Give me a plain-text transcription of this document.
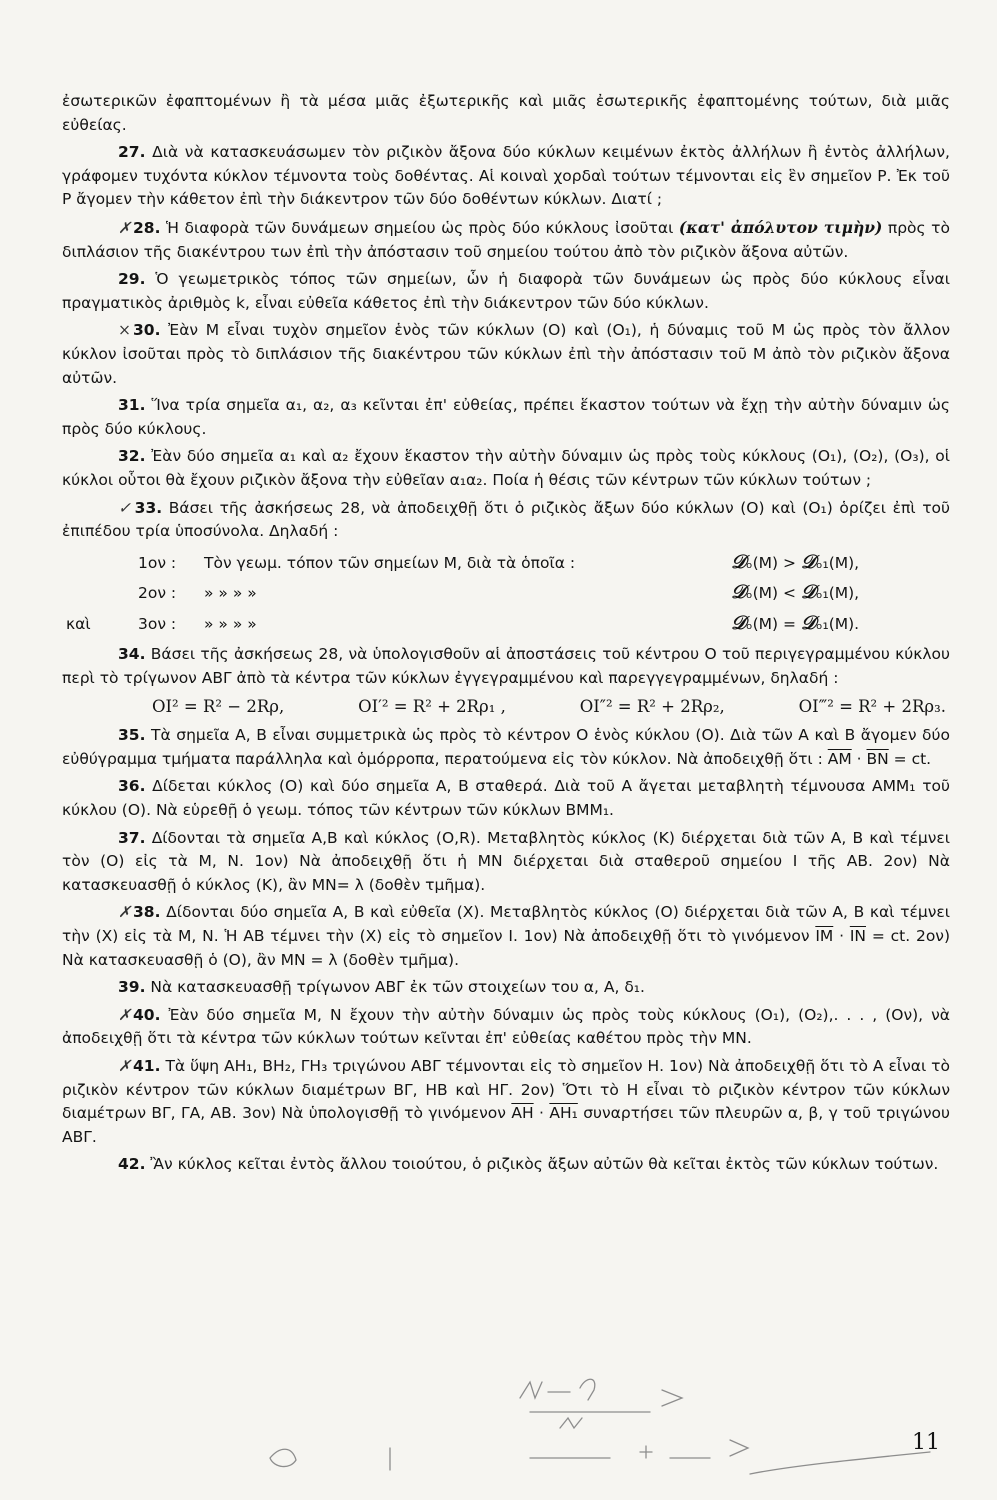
ἐσωτερικῶν ἐφαπτομένων ἢ τὰ μέσα μιᾶς ἐξωτερικῆς καὶ μιᾶς ἐσωτερικῆς ἐφαπτομένης τούτων, διὰ μιᾶς εὐθείας.

27. Διὰ νὰ κατασκευάσωμεν τὸν ριζικὸν ἄξονα δύο κύκλων κειμένων ἐκτὸς ἀλλήλων ἢ ἐντὸς ἀλλήλων, γράφομεν τυχόντα κύκλον τέμνοντα τοὺς δοθέντας. Αἱ κοιναὶ χορδαὶ τούτων τέμνονται εἰς ἓν σημεῖον Ρ. Ἐκ τοῦ Ρ ἄγομεν τὴν κάθετον ἐπὶ τὴν διάκεντρον τῶν δύο δοθέντων κύκλων. Διατί ;

✗ 28. Ἡ διαφορὰ τῶν δυνάμεων σημείου ὡς πρὸς δύο κύκλους ἰσοῦται (κατ' ἀπόλυτον τιμὴν) πρὸς τὸ διπλάσιον τῆς διακέντρου των ἐπὶ τὴν ἀπόστασιν τοῦ σημείου τούτου ἀπὸ τὸν ριζικὸν ἄξονα αὐτῶν.

29. Ὁ γεωμετρικὸς τόπος τῶν σημείων, ὧν ἡ διαφορὰ τῶν δυνάμεων ὡς πρὸς δύο κύκλους εἶναι πραγματικὸς ἀριθμὸς k, εἶναι εὐθεῖα κάθετος ἐπὶ τὴν διάκεντρον τῶν δύο κύκλων.

× 30. Ἐὰν Μ εἶναι τυχὸν σημεῖον ἑνὸς τῶν κύκλων (Ο) καὶ (Ο₁), ἡ δύναμις τοῦ Μ ὡς πρὸς τὸν ἄλλον κύκλον ἰσοῦται πρὸς τὸ διπλάσιον τῆς διακέντρου τῶν κύκλων ἐπὶ τὴν ἀπόστασιν τοῦ Μ ἀπὸ τὸν ριζικὸν ἄξονα αὐτῶν.

31. Ἵνα τρία σημεῖα α₁, α₂, α₃ κεῖνται ἐπ' εὐθείας, πρέπει ἕκαστον τούτων νὰ ἔχῃ τὴν αὐτὴν δύναμιν ὡς πρὸς δύο κύκλους.

32. Ἐὰν δύο σημεῖα α₁ καὶ α₂ ἔχουν ἕκαστον τὴν αὐτὴν δύναμιν ὡς πρὸς τοὺς κύκλους (Ο₁), (Ο₂), (Ο₃), οἱ κύκλοι οὗτοι θὰ ἔχουν ριζικὸν ἄξονα τὴν εὐθεῖαν α₁α₂. Ποία ἡ θέσις τῶν κέντρων τῶν κύκλων τούτων ;

✓ 33. Βάσει τῆς ἀσκήσεως 28, νὰ ἀποδειχθῇ ὅτι ὁ ριζικὸς ἄξων δύο κύκλων (Ο) καὶ (Ο₁) ὁρίζει ἐπὶ τοῦ ἐπιπέδου τρία ὑποσύνολα. Δηλαδή :

	1ον :	Τὸν γεωμ. τόπον τῶν σημείων Μ, διὰ τὰ ὁποῖα :	𝒟ₒ(Μ) > 𝒟ₒ₁(Μ),
	2ον :	» » » »	𝒟ₒ(Μ) < 𝒟ₒ₁(Μ),
καὶ	3ον :	» » » »	𝒟ₒ(Μ) = 𝒟ₒ₁(Μ).

34. Βάσει τῆς ἀσκήσεως 28, νὰ ὑπολογισθοῦν αἱ ἀποστάσεις τοῦ κέντρου Ο τοῦ περιγεγραμμένου κύκλου περὶ τὸ τρίγωνον ΑΒΓ ἀπὸ τὰ κέντρα τῶν κύκλων ἐγγεγραμμένου καὶ παρεγγεγραμμένων, δηλαδή :

ΟΙ² = R² − 2Rρ,	ΟΙ′² = R² + 2Rρ₁ ,	ΟΙ″² = R² + 2Rρ₂,	ΟΙ‴² = R² + 2Rρ₃.

35. Τὰ σημεῖα Α, Β εἶναι συμμετρικὰ ὡς πρὸς τὸ κέντρον Ο ἑνὸς κύκλου (Ο). Διὰ τῶν Α καὶ Β ἄγομεν δύο εὐθύγραμμα τμήματα παράλληλα καὶ ὁμόρροπα, περατούμενα εἰς τὸν κύκλον. Νὰ ἀποδειχθῇ ὅτι : $\overline{AM} \cdot \overline{BN}$ = ct.

36. Δίδεται κύκλος (Ο) καὶ δύο σημεῖα Α, Β σταθερά. Διὰ τοῦ Α ἄγεται μεταβλητὴ τέμνουσα ΑΜΜ₁ τοῦ κύκλου (Ο). Νὰ εὑρεθῇ ὁ γεωμ. τόπος τῶν κέντρων τῶν κύκλων ΒΜΜ₁.

37. Δίδονται τὰ σημεῖα Α,Β καὶ κύκλος (Ο,R). Μεταβλητὸς κύκλος (Κ) διέρχεται διὰ τῶν Α, Β καὶ τέμνει τὸν (Ο) εἰς τὰ Μ, Ν. 1ον) Νὰ ἀποδειχθῇ ὅτι ἡ ΜΝ διέρχεται διὰ σταθεροῦ σημείου Ι τῆς ΑΒ. 2ον) Νὰ κατασκευασθῇ ὁ κύκλος (Κ), ἂν ΜΝ= λ (δοθὲν τμῆμα).

✗ 38. Δίδονται δύο σημεῖα Α, Β καὶ εὐθεῖα (Χ). Μεταβλητὸς κύκλος (Ο) διέρχεται διὰ τῶν Α, Β καὶ τέμνει τὴν (Χ) εἰς τὰ Μ, Ν. Ἡ ΑΒ τέμνει τὴν (Χ) εἰς τὸ σημεῖον Ι. 1ον) Νὰ ἀποδειχθῇ ὅτι τὸ γινόμενον $\overline{IM} \cdot \overline{IN}$ = ct. 2ον) Νὰ κατασκευασθῇ ὁ (Ο), ἂν ΜΝ = λ (δοθὲν τμῆμα).

39. Νὰ κατασκευασθῇ τρίγωνον ΑΒΓ ἐκ τῶν στοιχείων του α, Α, δ₁.

✗ 40. Ἐὰν δύο σημεῖα Μ, Ν ἔχουν τὴν αὐτὴν δύναμιν ὡς πρὸς τοὺς κύκλους (Ο₁), (Ο₂),. . . , (Ον), νὰ ἀποδειχθῇ ὅτι τὰ κέντρα τῶν κύκλων τούτων κεῖνται ἐπ' εὐθείας καθέτου πρὸς τὴν ΜΝ.

✗ 41. Τὰ ὕψη ΑΗ₁, ΒΗ₂, ΓΗ₃ τριγώνου ΑΒΓ τέμνονται εἰς τὸ σημεῖον Η. 1ον) Νὰ ἀποδειχθῇ ὅτι τὸ Α εἶναι τὸ ριζικὸν κέντρον τῶν κύκλων διαμέτρων ΒΓ, ΗΒ καὶ ΗΓ. 2ον) Ὅτι τὸ Η εἶναι τὸ ριζικὸν κέντρον τῶν κύκλων διαμέτρων ΒΓ, ΓΑ, ΑΒ. 3ον) Νὰ ὑπολογισθῇ τὸ γινόμενον $\overline{AH} \cdot AH_1$ συναρτήσει τῶν πλευρῶν α, β, γ τοῦ τριγώνου ΑΒΓ.

42. Ἂν κύκλος κεῖται ἐντὸς ἄλλου τοιούτου, ὁ ριζικὸς ἄξων αὐτῶν θὰ κεῖται ἐκτὸς τῶν κύκλων τούτων.

11
